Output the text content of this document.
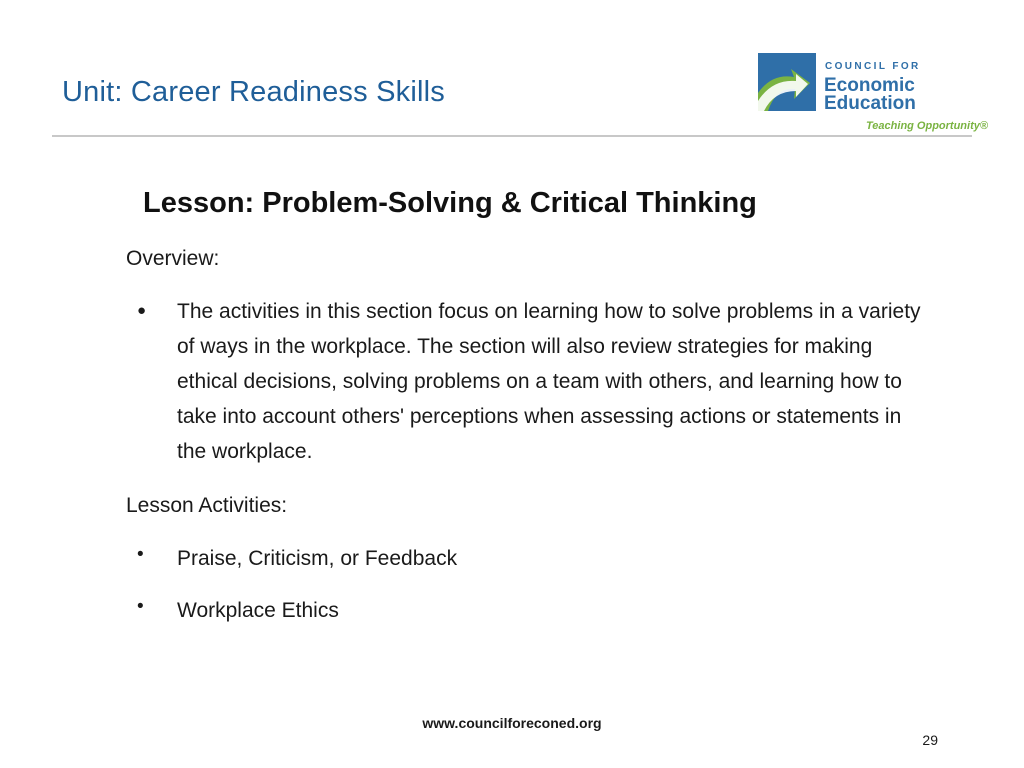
Unit: Career Readiness Skills
COUNCIL FOR
Economic
Education
Teaching Opportunity®
Lesson: Problem-Solving & Critical Thinking
Overview:
●	The activities in this section focus on learning how to solve problems in a variety of ways in the workplace. The section will also review strategies for making ethical decisions, solving problems on a team with others, and learning how to take into account others' perceptions when assessing actions or statements in the workplace.
Lesson Activities:
•	Praise, Criticism, or Feedback
•	Workplace Ethics
www.councilforeconed.org
29
